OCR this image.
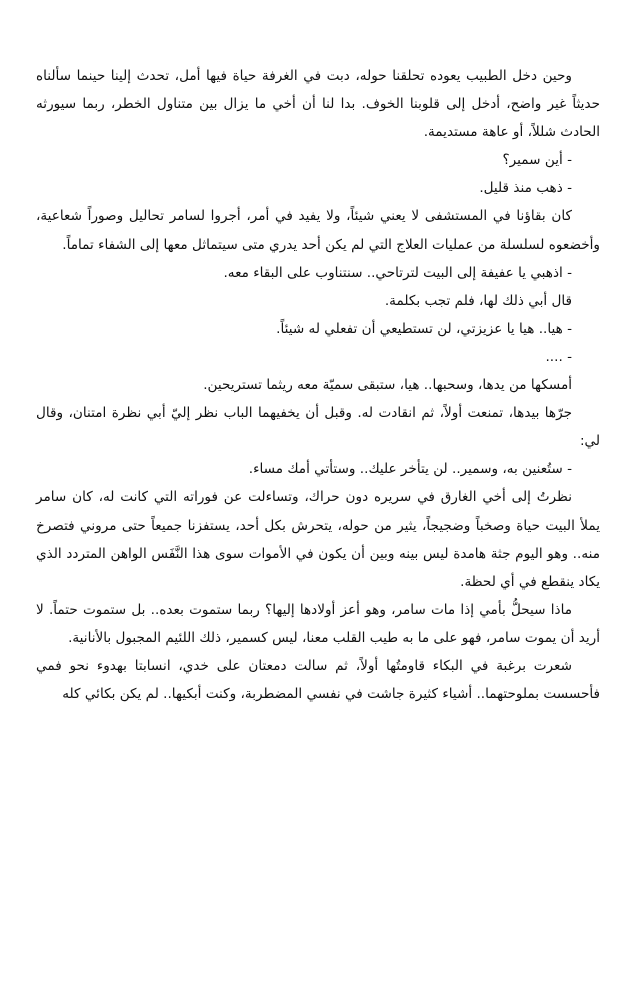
وحين دخل الطبيب يعوده تحلقنا حوله، دبت في الغرفة حياة فيها أمل، تحدث إلينا حينما سألناه حديثاً غير واضح، أدخل إلى قلوبنا الخوف. بدا لنا أن أخي ما يزال بين متناول الخطر، ربما سيورثه الحادث شللاً، أو عاهة مستديمة.

- أين سمير؟

- ذهب منذ قليل.

كان بقاؤنا في المستشفى لا يعني شيئاً، ولا يفيد في أمر، أجروا لسامر تحاليل وصوراً شعاعية، وأخضعوه لسلسلة من عمليات العلاج التي لم يكن أحد يدري متى سيتماثل معها إلى الشفاء تماماً.

- اذهبي يا عفيفة إلى البيت لترتاحي.. سنتناوب على البقاء معه.

قال أبي ذلك لها، فلم تجب بكلمة.

- هيا.. هيا يا عزيزتي، لن تستطيعي أن تفعلي له شيئاً.

- ....

أمسكها من يدها، وسحبها.. هيا، ستبقى سميّة معه ريثما تستريحين.

جرّها بيدها، تمنعت أولاً، ثم انقادت له. وقبل أن يخفيهما الباب نظر إليّ أبي نظرة امتنان، وقال لي:

- ستُعنين به، وسمير.. لن يتأخر عليك.. وستأتي أمك مساء.

نظرتُ إلى أخي الغارق في سريره دون حراك، وتساءلت عن فوراته التي كانت له، كان سامر يملأ البيت حياة وصخباً وضجيجاً، يثير من حوله، يتحرش بكل أحد، يستفزنا جميعاً حتى مروني فتصرخ منه.. وهو اليوم جثة هامدة ليس بينه وبين أن يكون في الأموات سوى هذا النَّفَس الواهن المتردد الذي يكاد ينقطع في أي لحظة.

ماذا سيحلُّ بأمي إذا مات سامر، وهو أعز أولادها إليها؟ ربما ستموت بعده.. بل ستموت حتماً. لا أريد أن يموت سامر، فهو على ما به طيب القلب معنا، ليس كسمير، ذلك اللئيم المجبول بالأنانية.

شعرت برغبة في البكاء قاومتُها أولاً، ثم سالت دمعتان على خدي، انسابتا بهدوء نحو فمي فأحسست بملوحتهما.. أشياء كثيرة جاشت في نفسي المضطربة، وكنت أبكيها.. لم يكن بكائي كله
